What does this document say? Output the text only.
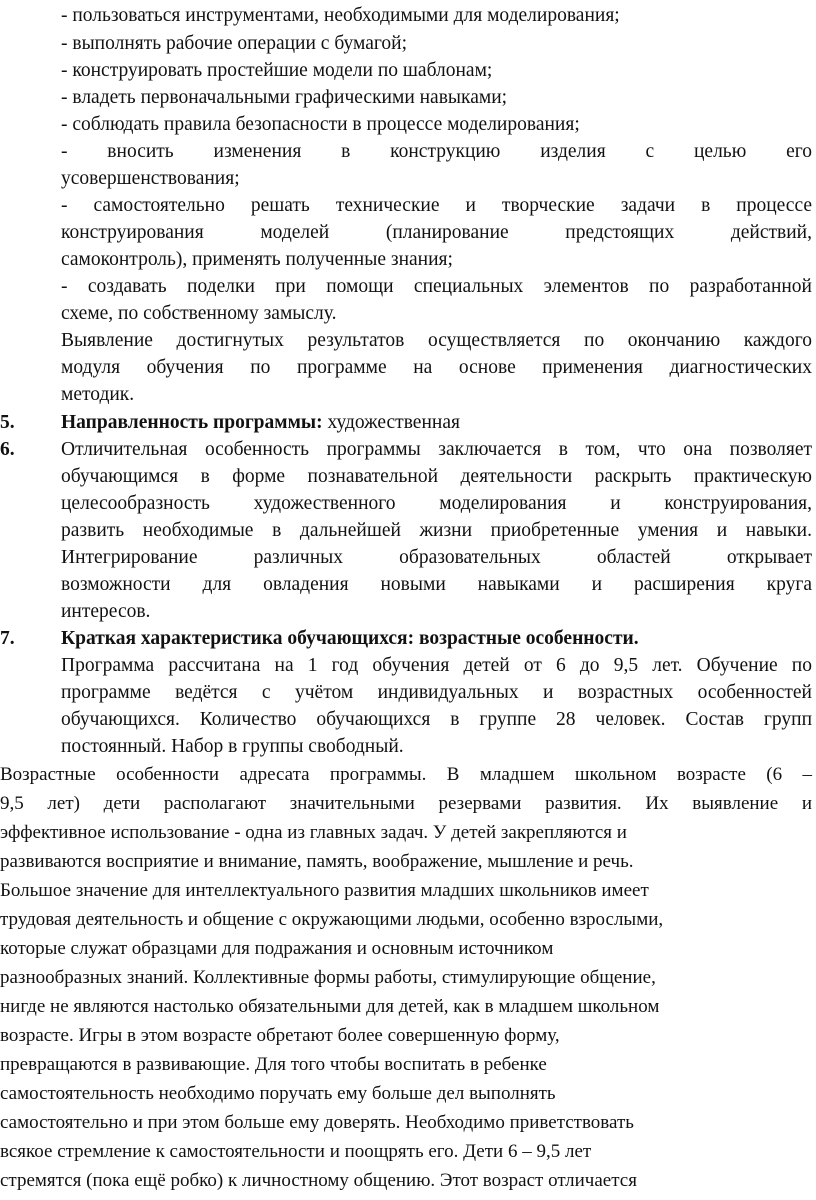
- пользоваться инструментами, необходимыми для моделирования;
- выполнять рабочие операции с бумагой;
- конструировать простейшие модели по шаблонам;
- владеть первоначальными графическими навыками;
- соблюдать правила безопасности в процессе моделирования;
- вносить изменения в конструкцию изделия с целью его
усовершенствования;
- самостоятельно решать технические и творческие задачи в процессе
конструирования моделей (планирование предстоящих действий,
самоконтроль), применять полученные знания;
- создавать поделки при помощи специальных элементов по разработанной
схеме, по собственному замыслу.
Выявление достигнутых результатов осуществляется по окончанию каждого
модуля обучения по программе на основе применения диагностических
методик.
5. Направленность программы: художественная
6. Отличительная особенность программы заключается в том, что она позволяет
обучающимся в форме познавательной деятельности раскрыть практическую
целесообразность художественного моделирования и конструирования,
развить необходимые в дальнейшей жизни приобретенные умения и навыки.
Интегрирование различных образовательных областей открывает
возможности для овладения новыми навыками и расширения круга
интересов.
7. Краткая характеристика обучающихся: возрастные особенности.
Программа рассчитана на 1 год обучения детей от 6 до 9,5 лет. Обучение по
программе ведётся с учётом индивидуальных и возрастных особенностей
обучающихся. Количество обучающихся в группе 28 человек. Состав групп
постоянный. Набор в группы свободный.
Возрастные особенности адресата программы. В младшем школьном возрасте (6 –
9,5 лет) дети располагают значительными резервами развития. Их выявление и
эффективное использование - одна из главных задач. У детей закрепляются и
развиваются восприятие и внимание, память, воображение, мышление и речь.
Большое значение для интеллектуального развития младших школьников имеет
трудовая деятельность и общение с окружающими людьми, особенно взрослыми,
которые служат образцами для подражания и основным источником
разнообразных знаний. Коллективные формы работы, стимулирующие общение,
нигде не являются настолько обязательными для детей, как в младшем школьном
возрасте. Игры в этом возрасте обретают более совершенную форму,
превращаются в развивающие. Для того чтобы воспитать в ребенке
самостоятельность необходимо поручать ему больше дел выполнять
самостоятельно и при этом больше ему доверять. Необходимо приветствовать
всякое стремление к самостоятельности и поощрять его. Дети 6 – 9,5 лет
стремятся (пока ещё робко) к личностному общению. Этот возраст отличается
